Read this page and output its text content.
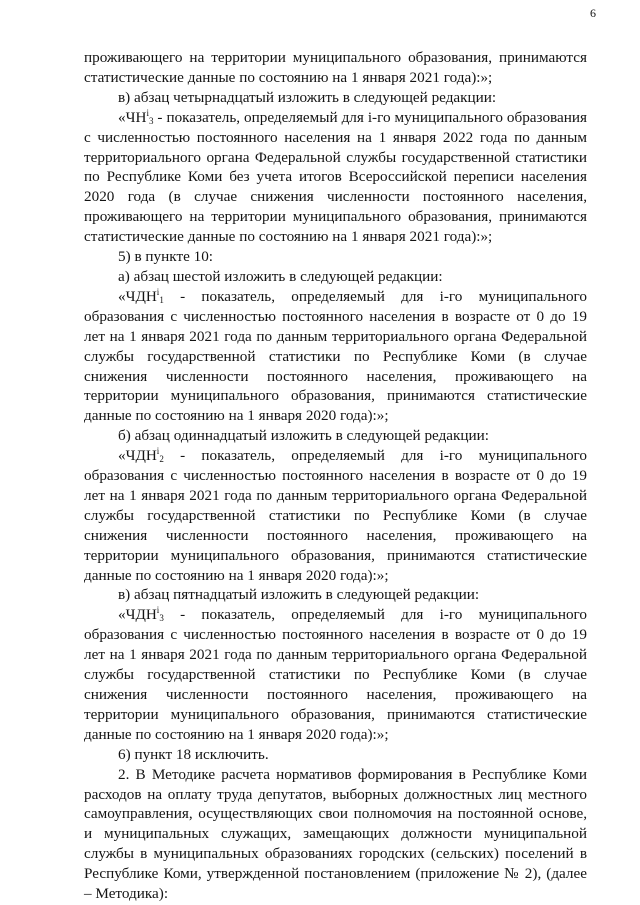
6

проживающего на территории муниципального образования, принимаются статистические данные по состоянию на 1 января 2021 года):»;

в) абзац четырнадцатый изложить в следующей редакции:

«$ЧН^i_3$ - показатель, определяемый для i-го муниципального образования с численностью постоянного населения на 1 января 2022 года по данным территориального органа Федеральной службы государственной статистики по Республике Коми без учета итогов Всероссийской переписи населения 2020 года (в случае снижения численности постоянного населения, проживающего на территории муниципального образования, принимаются статистические данные по состоянию на 1 января 2021 года):»;

5) в пункте 10:

а) абзац шестой изложить в следующей редакции:

«$ЧДН^i_1$ - показатель, определяемый для i-го муниципального образования с численностью постоянного населения в возрасте от 0 до 19 лет на 1 января 2021 года по данным территориального органа Федеральной службы государственной статистики по Республике Коми (в случае снижения численности постоянного населения, проживающего на территории муниципального образования, принимаются статистические данные по состоянию на 1 января 2020 года):»;

б) абзац одиннадцатый изложить в следующей редакции:

«$ЧДН^i_2$ - показатель, определяемый для i-го муниципального образования с численностью постоянного населения в возрасте от 0 до 19 лет на 1 января 2021 года по данным территориального органа Федеральной службы государственной статистики по Республике Коми (в случае снижения численности постоянного населения, проживающего на территории муниципального образования, принимаются статистические данные по состоянию на 1 января 2020 года):»;

в) абзац пятнадцатый изложить в следующей редакции:

«$ЧДН^i_3$ - показатель, определяемый для i-го муниципального образования с численностью постоянного населения в возрасте от 0 до 19 лет на 1 января 2021 года по данным территориального органа Федеральной службы государственной статистики по Республике Коми (в случае снижения численности постоянного населения, проживающего на территории муниципального образования, принимаются статистические данные по состоянию на 1 января 2020 года):»;

6) пункт 18 исключить.

2. В Методике расчета нормативов формирования в Республике Коми расходов на оплату труда депутатов, выборных должностных лиц местного самоуправления, осуществляющих свои полномочия на постоянной основе, и муниципальных служащих, замещающих должности муниципальной службы в муниципальных образованиях городских (сельских) поселений в Республике Коми, утвержденной постановлением (приложение № 2), (далее – Методика):
